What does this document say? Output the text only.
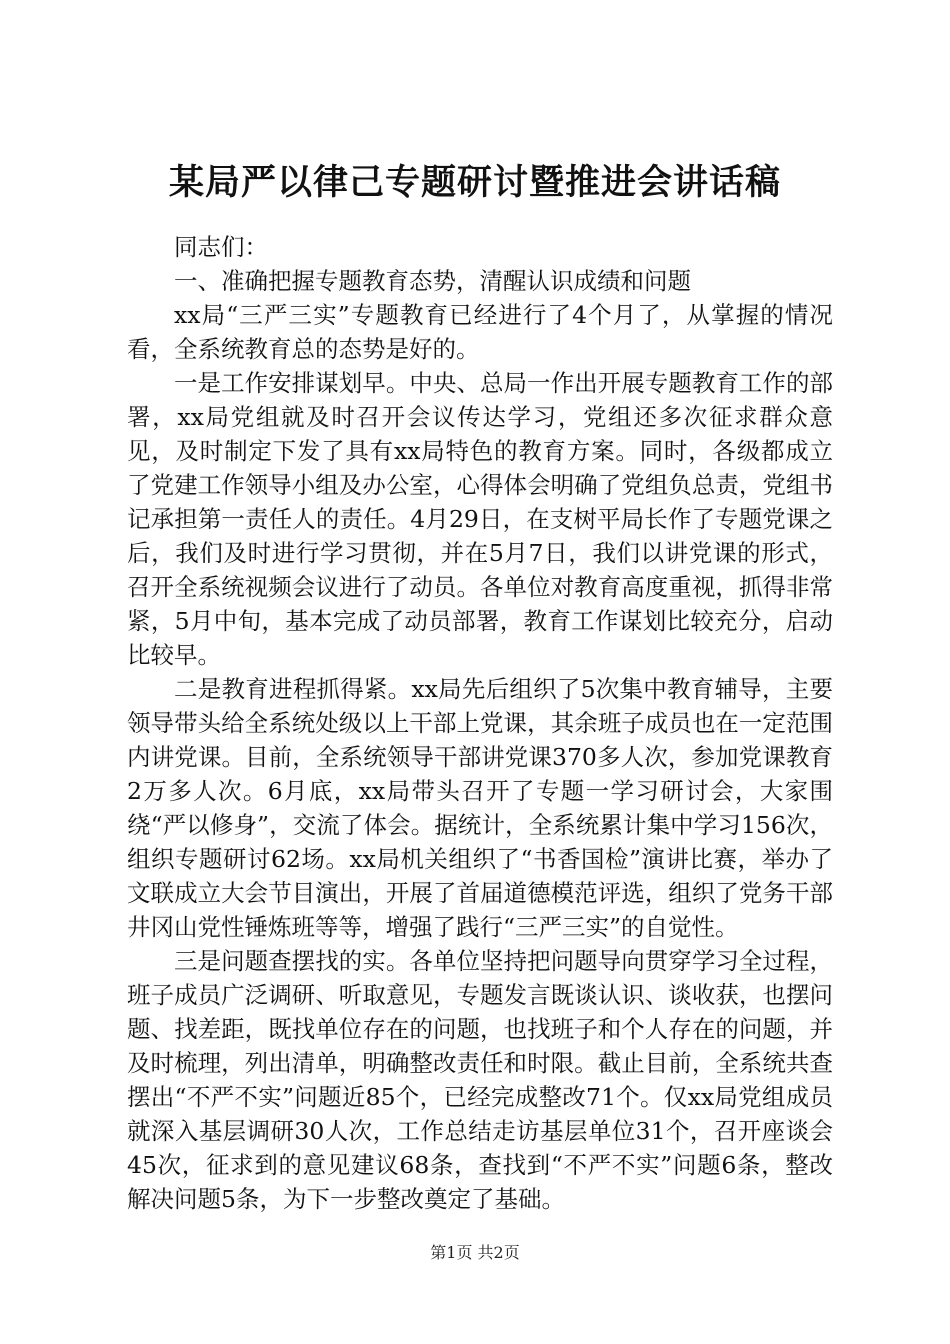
某局严以律己专题研讨暨推进会讲话稿

同志们：

一、准确把握专题教育态势，清醒认识成绩和问题

xx局“三严三实”专题教育已经进行了4个月了，从掌握的情况看，全系统教育总的态势是好的。

一是工作安排谋划早。中央、总局一作出开展专题教育工作的部署，xx局党组就及时召开会议传达学习，党组还多次征求群众意见，及时制定下发了具有xx局特色的教育方案。同时，各级都成立了党建工作领导小组及办公室，心得体会明确了党组负总责，党组书记承担第一责任人的责任。4月29日，在支树平局长作了专题党课之后，我们及时进行学习贯彻，并在5月7日，我们以讲党课的形式，召开全系统视频会议进行了动员。各单位对教育高度重视，抓得非常紧，5月中旬，基本完成了动员部署，教育工作谋划比较充分，启动比较早。

二是教育进程抓得紧。xx局先后组织了5次集中教育辅导，主要领导带头给全系统处级以上干部上党课，其余班子成员也在一定范围内讲党课。目前，全系统领导干部讲党课370多人次，参加党课教育2万多人次。6月底，xx局带头召开了专题一学习研讨会，大家围绕“严以修身”，交流了体会。据统计，全系统累计集中学习156次，组织专题研讨62场。xx局机关组织了“书香国检”演讲比赛，举办了文联成立大会节目演出，开展了首届道德模范评选，组织了党务干部井冈山党性锤炼班等等，增强了践行“三严三实”的自觉性。

三是问题查摆找的实。各单位坚持把问题导向贯穿学习全过程，班子成员广泛调研、听取意见，专题发言既谈认识、谈收获，也摆问题、找差距，既找单位存在的问题，也找班子和个人存在的问题，并及时梳理，列出清单，明确整改责任和时限。截止目前，全系统共查摆出“不严不实”问题近85个，已经完成整改71个。仅xx局党组成员就深入基层调研30人次，工作总结走访基层单位31个，召开座谈会45次，征求到的意见建议68条，查找到“不严不实”问题6条，整改解决问题5条，为下一步整改奠定了基础。

第1页 共2页
